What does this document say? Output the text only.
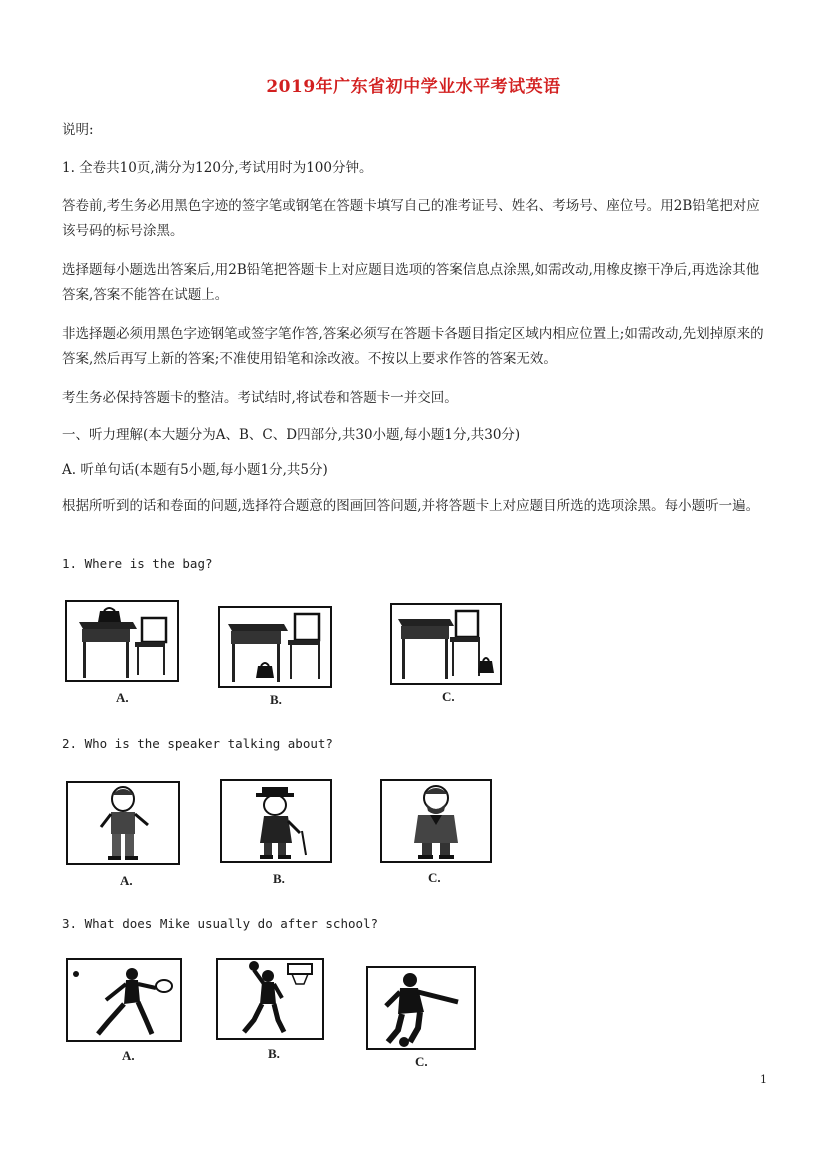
2019年广东省初中学业水平考试英语
说明:
1. 全卷共10页,满分为120分,考试用时为100分钟。
答卷前,考生务必用黑色字迹的签字笔或钢笔在答题卡填写自己的准考证号、姓名、考场号、座位号。用2B铅笔把对应该号码的标号涂黑。
选择题每小题选出答案后,用2B铅笔把答题卡上对应题目选项的答案信息点涂黑,如需改动,用橡皮擦干净后,再选涂其他答案,答案不能答在试题上。
非选择题必须用黑色字迹钢笔或签字笔作答,答案必须写在答题卡各题目指定区域内相应位置上;如需改动,先划掉原来的答案,然后再写上新的答案;不准使用铅笔和涂改液。不按以上要求作答的答案无效。
考生务必保持答题卡的整洁。考试结时,将试卷和答题卡一并交回。
一、听力理解(本大题分为A、B、C、D四部分,共30小题,每小题1分,共30分)
A. 听单句话(本题有5小题,每小题1分,共5分)
根据所听到的话和卷面的问题,选择符合题意的图画回答问题,并将答题卡上对应题目所选的选项涂黑。每小题听一遍。
1. Where is the bag?
A.	B.	C.
2. Who is the speaker talking about?
A.	B.	C.
3. What does Mike usually do after school?
A.	B.
C.
1
